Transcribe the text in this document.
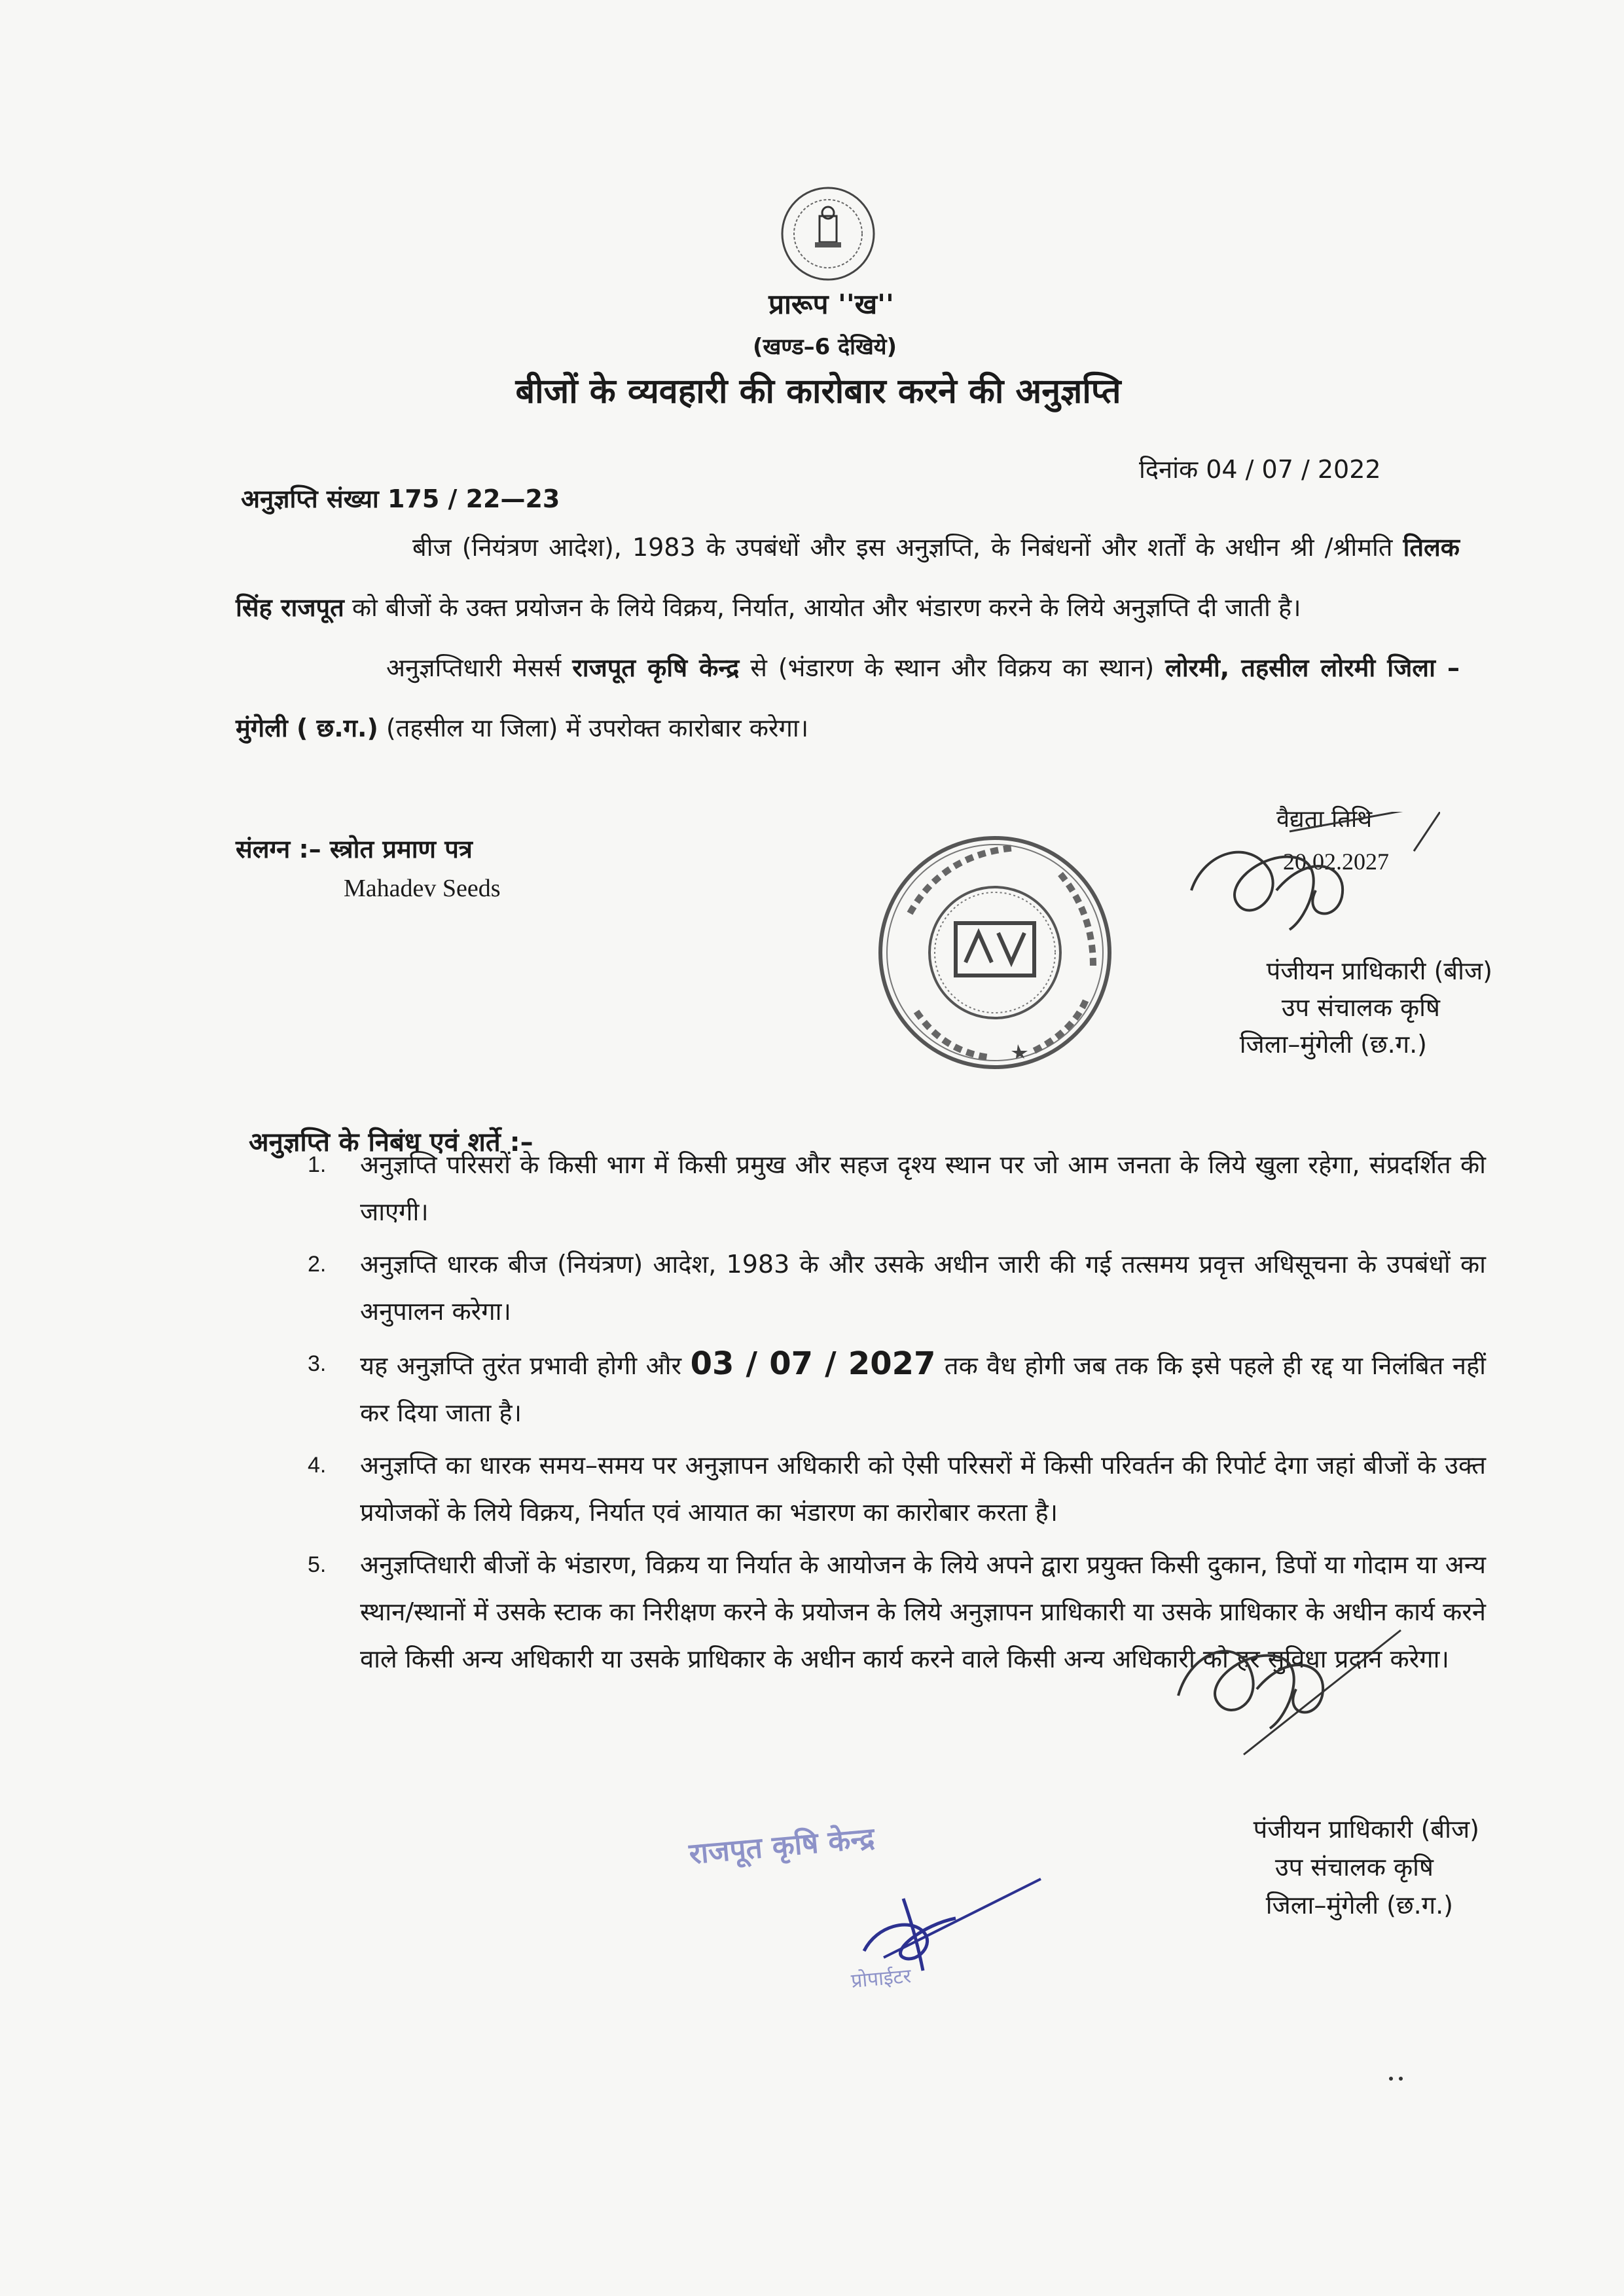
प्रारूप ''ख''
(खण्ड–6 देखिये)
बीजों के व्यवहारी की कारोबार करने की अनुज्ञप्ति
दिनांक 04 / 07 / 2022
अनुज्ञप्ति संख्या 175 / 22—23
बीज (नियंत्रण आदेश), 1983 के उपबंधों और इस अनुज्ञप्ति, के निबंधनों और शर्तों के अधीन श्री /श्रीमति तिलक सिंह राजपूत को बीजों के उक्त प्रयोजन के लिये विक्रय, निर्यात, आयोत और भंडारण करने के लिये अनुज्ञप्ति दी जाती है।
अनुज्ञप्तिधारी मेसर्स राजपूत कृषि केन्द्र से (भंडारण के स्थान और विक्रय का स्थान) लोरमी, तहसील लोरमी जिला – मुंगेली ( छ.ग.) (तहसील या जिला) में उपरोक्त कारोबार करेगा।
संलग्न :– स्त्रोत प्रमाण पत्र
Mahadev Seeds
वैद्यता तिथि
20.02.2027
पंजीयन प्राधिकारी (बीज)
उप संचालक कृषि
जिला–मुंगेली (छ.ग.)
अनुज्ञप्ति के निबंध एवं शर्ते :–
1. अनुज्ञप्ति परिसरों के किसी भाग में किसी प्रमुख और सहज दृश्य स्थान पर जो आम जनता के लिये खुला रहेगा, संप्रदर्शित की जाएगी।
2. अनुज्ञप्ति धारक बीज (नियंत्रण) आदेश, 1983 के और उसके अधीन जारी की गई तत्समय प्रवृत्त अधिसूचना के उपबंधों का अनुपालन करेगा।
3. यह अनुज्ञप्ति तुरंत प्रभावी होगी और 03 / 07 / 2027 तक वैध होगी जब तक कि इसे पहले ही रद्द या निलंबित नहीं कर दिया जाता है।
4. अनुज्ञप्ति का धारक समय–समय पर अनुज्ञापन अधिकारी को ऐसी परिसरों में किसी परिवर्तन की रिपोर्ट देगा जहां बीजों के उक्त प्रयोजकों के लिये विक्रय, निर्यात एवं आयात का भंडारण का कारोबार करता है।
5. अनुज्ञप्तिधारी बीजों के भंडारण, विक्रय या निर्यात के आयोजन के लिये अपने द्वारा प्रयुक्त किसी दुकान, डिपों या गोदाम या अन्य स्थान/स्थानों में उसके स्टाक का निरीक्षण करने के प्रयोजन के लिये अनुज्ञापन प्राधिकारी या उसके प्राधिकार के अधीन कार्य करने वाले किसी अन्य अधिकारी या उसके प्राधिकार के अधीन कार्य करने वाले किसी अन्य अधिकारी को हर सुविधा प्रदान करेगा।
पंजीयन प्राधिकारी (बीज)
उप संचालक कृषि
जिला–मुंगेली (छ.ग.)
राजपूत कृषि केन्द्र
प्रोपाईटर
